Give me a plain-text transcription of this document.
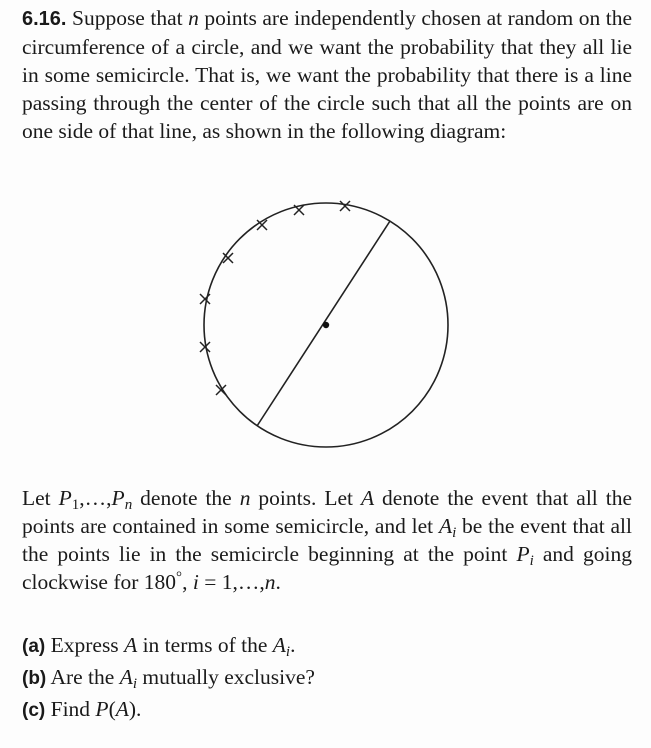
6.16. Suppose that n points are independently chosen at random on the circumference of a circle, and we want the probability that they all lie in some semicircle. That is, we want the probability that there is a line passing through the center of the circle such that all the points are on one side of that line, as shown in the following diagram:
Let $P_1,\dots,P_n$ denote the n points. Let A denote the event that all the points are contained in some semicircle, and let $A_i$ be the event that all the points lie in the semicircle beginning at the point $P_i$ and going clockwise for 180°, i = 1,…,n.
(a) Express A in terms of the $A_i$.
(b) Are the $A_i$ mutually exclusive?
(c) Find P(A).
